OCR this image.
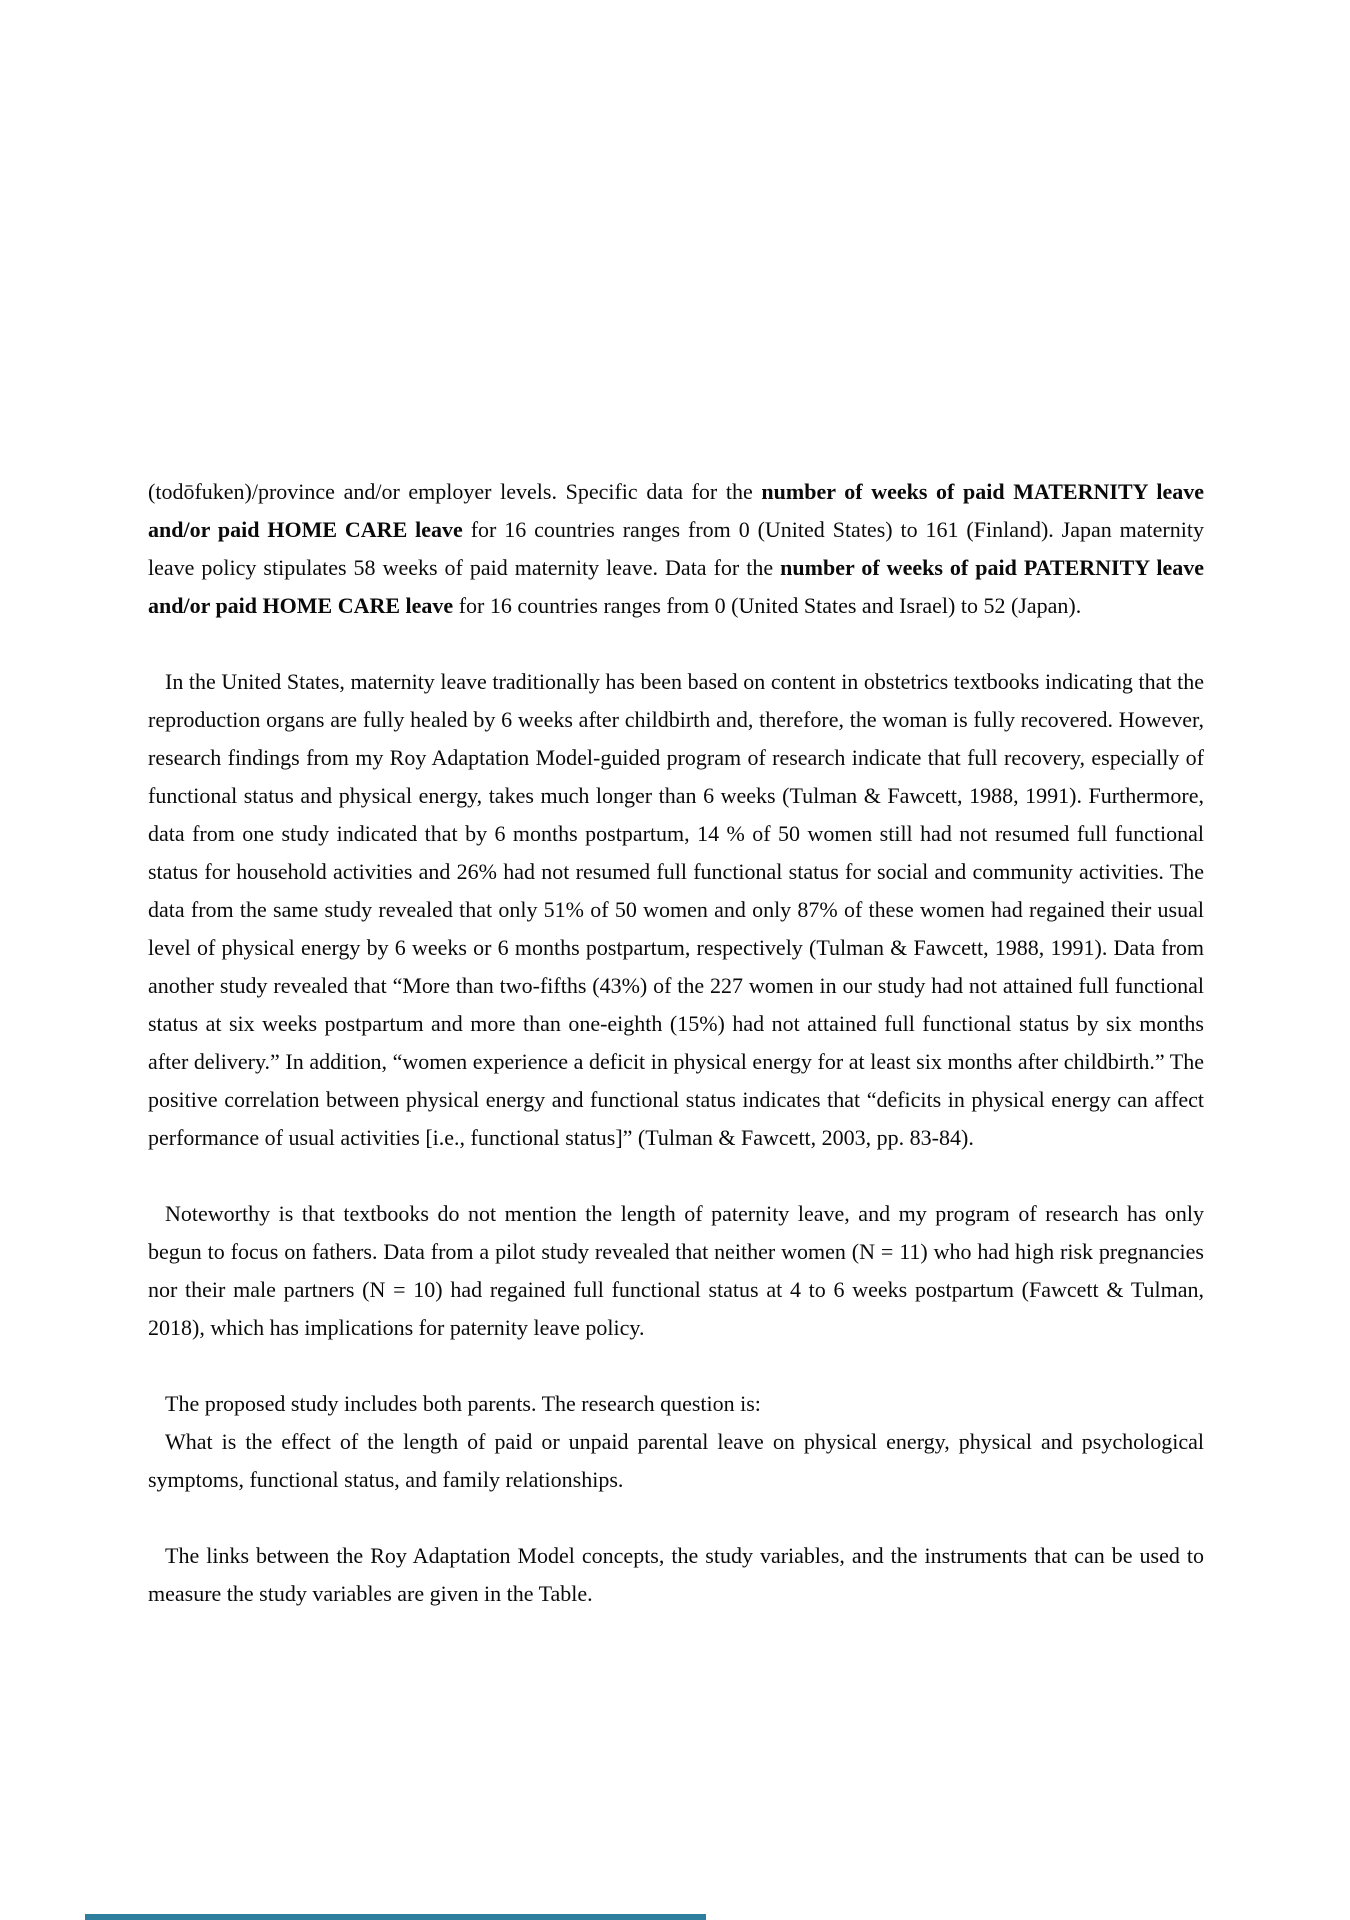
(todōfuken)/province and/or employer levels. Specific data for the number of weeks of paid MATERNITY leave and/or paid HOME CARE leave for 16 countries ranges from 0 (United States) to 161 (Finland). Japan maternity leave policy stipulates 58 weeks of paid maternity leave. Data for the number of weeks of paid PATERNITY leave and/or paid HOME CARE leave for 16 countries ranges from 0 (United States and Israel) to 52 (Japan).

In the United States, maternity leave traditionally has been based on content in obstetrics textbooks indicating that the reproduction organs are fully healed by 6 weeks after childbirth and, therefore, the woman is fully recovered. However, research findings from my Roy Adaptation Model-guided program of research indicate that full recovery, especially of functional status and physical energy, takes much longer than 6 weeks (Tulman & Fawcett, 1988, 1991). Furthermore, data from one study indicated that by 6 months postpartum, 14 % of 50 women still had not resumed full functional status for household activities and 26% had not resumed full functional status for social and community activities. The data from the same study revealed that only 51% of 50 women and only 87% of these women had regained their usual level of physical energy by 6 weeks or 6 months postpartum, respectively (Tulman & Fawcett, 1988, 1991). Data from another study revealed that “More than two-fifths (43%) of the 227 women in our study had not attained full functional status at six weeks postpartum and more than one-eighth (15%) had not attained full functional status by six months after delivery.” In addition, “women experience a deficit in physical energy for at least six months after childbirth.” The positive correlation between physical energy and functional status indicates that “deficits in physical energy can affect performance of usual activities [i.e., functional status]” (Tulman & Fawcett, 2003, pp. 83-84).

Noteworthy is that textbooks do not mention the length of paternity leave, and my program of research has only begun to focus on fathers. Data from a pilot study revealed that neither women (N = 11) who had high risk pregnancies nor their male partners (N = 10) had regained full functional status at 4 to 6 weeks postpartum (Fawcett & Tulman, 2018), which has implications for paternity leave policy.

The proposed study includes both parents. The research question is:

What is the effect of the length of paid or unpaid parental leave on physical energy, physical and psychological symptoms, functional status, and family relationships.

The links between the Roy Adaptation Model concepts, the study variables, and the instruments that can be used to measure the study variables are given in the Table.
